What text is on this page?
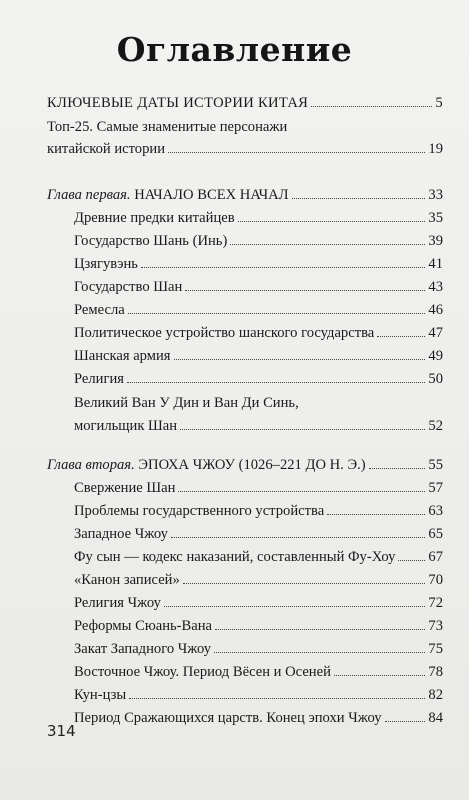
Оглавление
КЛЮЧЕВЫЕ ДАТЫ ИСТОРИИ КИТАЯ	5
Топ-25. Самые знаменитые персонажи
китайской истории	19
Глава первая. НАЧАЛО ВСЕХ НАЧАЛ	33
Древние предки китайцев	35
Государство Шань (Инь)	39
Цзягувэнь	41
Государство Шан	43
Ремесла	46
Политическое устройство шанского государства	47
Шанская армия	49
Религия	50
Великий Ван У Дин и Ван Ди Синь,
могильщик Шан	52
Глава вторая. ЭПОХА ЧЖОУ (1026–221 ДО Н. Э.)	55
Свержение Шан	57
Проблемы государственного устройства	63
Западное Чжоу	65
Фу сын — кодекс наказаний, составленный Фу-Хоу 67
«Канон записей»	70
Религия Чжоу	72
Реформы Сюань-Вана	73
Закат Западного Чжоу	75
Восточное Чжоу. Период Вёсен и Осеней	78
Кун-цзы	82
Период Сражающихся царств. Конец эпохи Чжоу	84
314
